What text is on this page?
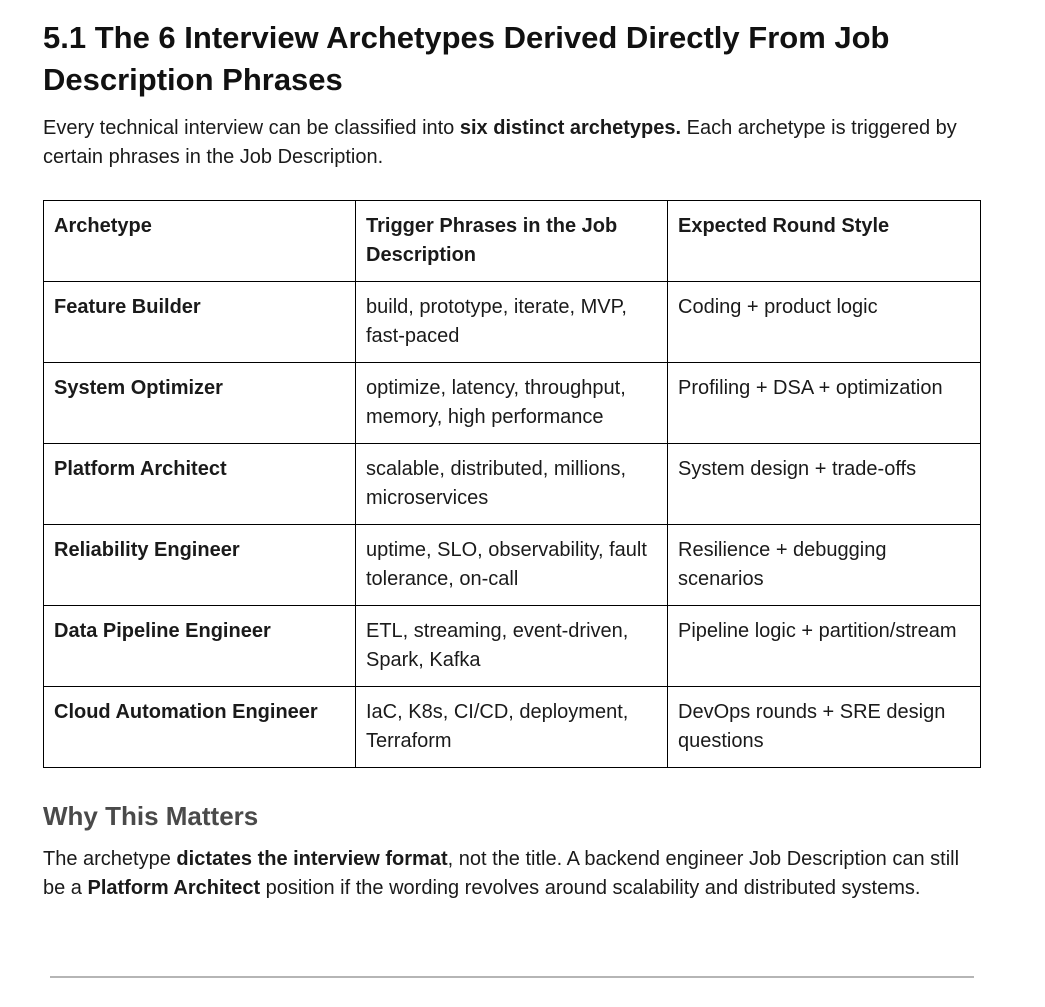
5.1 The 6 Interview Archetypes Derived Directly From Job Description Phrases

Every technical interview can be classified into six distinct archetypes. Each archetype is triggered by certain phrases in the Job Description.

Archetype	Trigger Phrases in the Job Description	Expected Round Style
Feature Builder	build, prototype, iterate, MVP, fast-paced	Coding + product logic
System Optimizer	optimize, latency, throughput, memory, high performance	Profiling + DSA + optimization
Platform Architect	scalable, distributed, millions, microservices	System design + trade-offs
Reliability Engineer	uptime, SLO, observability, fault tolerance, on-call	Resilience + debugging scenarios
Data Pipeline Engineer	ETL, streaming, event-driven, Spark, Kafka	Pipeline logic + partition/stream
Cloud Automation Engineer	IaC, K8s, CI/CD, deployment, Terraform	DevOps rounds + SRE design questions
Why This Matters

The archetype dictates the interview format, not the title. A backend engineer Job Description can still be a Platform Architect position if the wording revolves around scalability and distributed systems.
